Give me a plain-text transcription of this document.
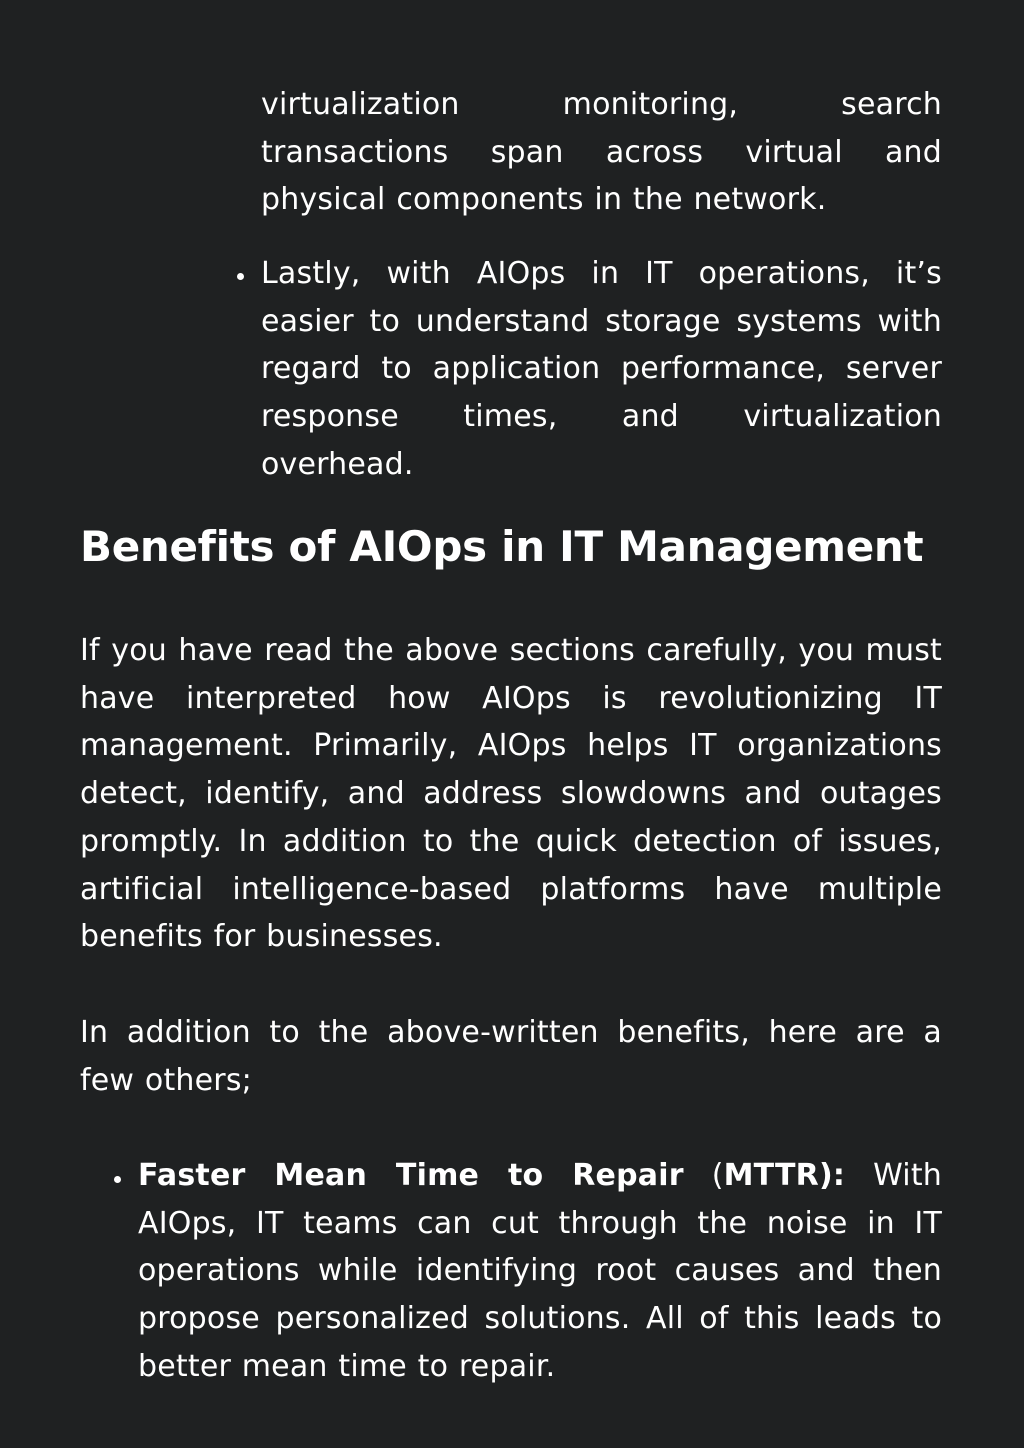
virtualization monitoring, search transactions span across virtual and physical components in the network.

Lastly, with AIOps in IT operations, it’s easier to understand storage systems with regard to application performance, server response times, and virtualization overhead.
Benefits of AIOps in IT Management

If you have read the above sections carefully, you must have interpreted how AIOps is revolutionizing IT management. Primarily, AIOps helps IT organizations detect, identify, and address slowdowns and outages promptly. In addition to the quick detection of issues, artificial intelligence-based platforms have multiple benefits for businesses.

In addition to the above-written benefits, here are a few others;

Faster Mean Time to Repair (MTTR): With AIOps, IT teams can cut through the noise in IT operations while identifying root causes and then propose personalized solutions. All of this leads to better mean time to repair.
